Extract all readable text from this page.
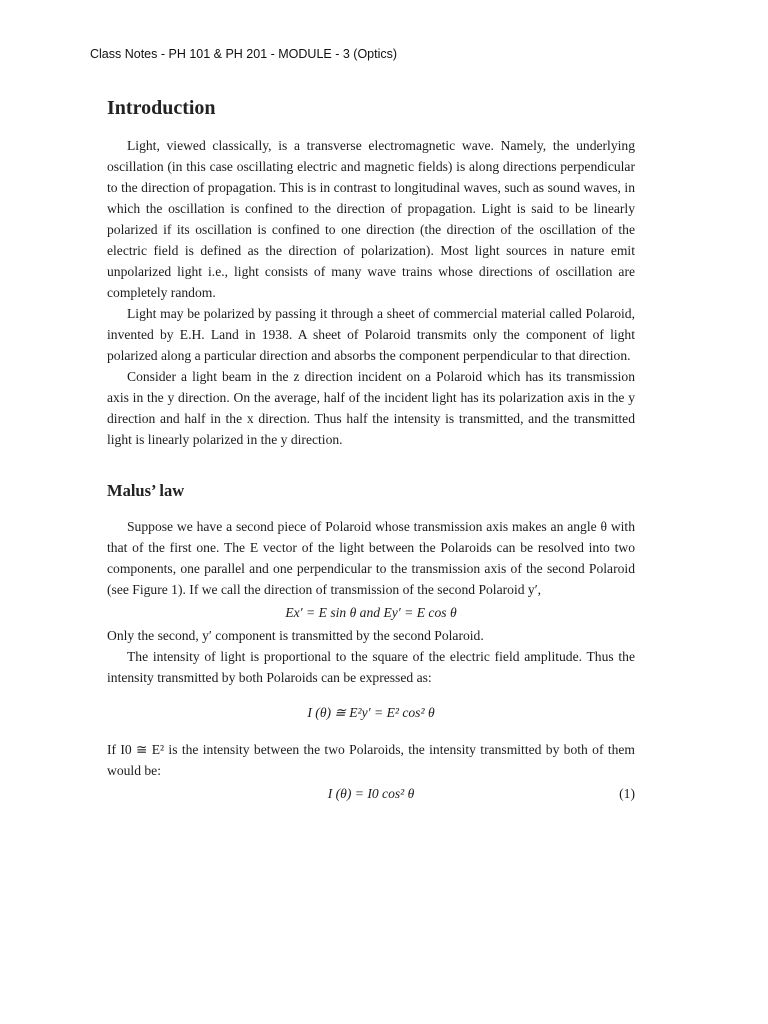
Class Notes - PH 101 & PH 201 - MODULE - 3 (Optics)
Introduction

Light, viewed classically, is a transverse electromagnetic wave. Namely, the underlying oscillation (in this case oscillating electric and magnetic fields) is along directions perpendicular to the direction of propagation. This is in contrast to longitudinal waves, such as sound waves, in which the oscillation is confined to the direction of propagation. Light is said to be linearly polarized if its oscillation is confined to one direction (the direction of the oscillation of the electric field is defined as the direction of polarization). Most light sources in nature emit unpolarized light i.e., light consists of many wave trains whose directions of oscillation are completely random.

Light may be polarized by passing it through a sheet of commercial material called Polaroid, invented by E.H. Land in 1938. A sheet of Polaroid transmits only the component of light polarized along a particular direction and absorbs the component perpendicular to that direction.

Consider a light beam in the z direction incident on a Polaroid which has its transmission axis in the y direction. On the average, half of the incident light has its polarization axis in the y direction and half in the x direction. Thus half the intensity is transmitted, and the transmitted light is linearly polarized in the y direction.

Malus’ law

Suppose we have a second piece of Polaroid whose transmission axis makes an angle θ with that of the first one. The E vector of the light between the Polaroids can be resolved into two components, one parallel and one perpendicular to the transmission axis of the second Polaroid (see Figure 1). If we call the direction of transmission of the second Polaroid y′,

Ex′ = E sin θ and Ey′ = E cos θ

Only the second, y′ component is transmitted by the second Polaroid.

The intensity of light is proportional to the square of the electric field amplitude. Thus the intensity transmitted by both Polaroids can be expressed as:

I (θ) ≅ E²y′ = E² cos² θ

If I0 ≅ E² is the intensity between the two Polaroids, the intensity transmitted by both of them would be:

I (θ) = I0 cos² θ	(1)
